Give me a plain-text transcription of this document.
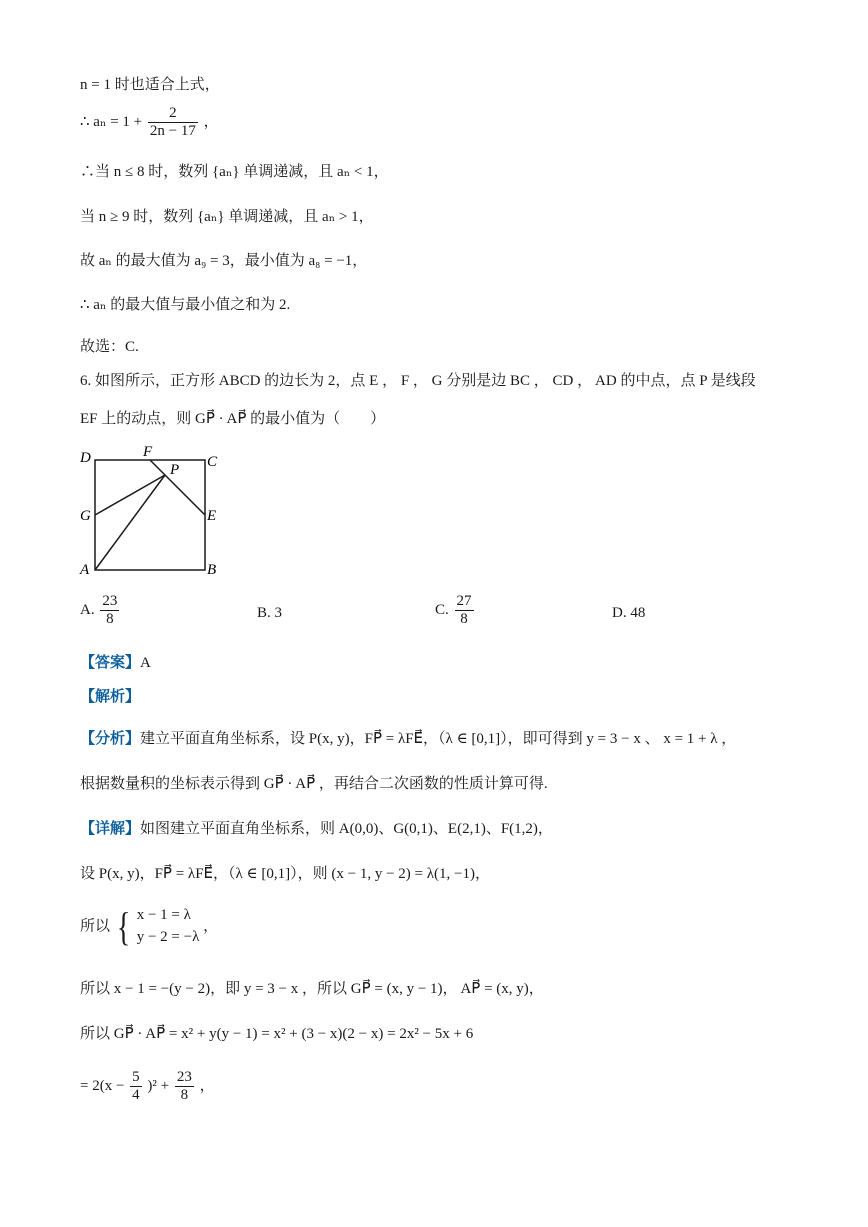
n = 1 时也适合上式，
∴ $a_n = 1 + \frac{2}{2n - 17}$ ，
∴当 n ≤ 8 时，数列 {aₙ} 单调递减，且 aₙ < 1，
当 n ≥ 9 时，数列 {aₙ} 单调递减，且 aₙ > 1，
故 aₙ 的最大值为 a₉ = 3，最小值为 a₈ = −1，
∴ aₙ 的最大值与最小值之和为 2.
故选：C.
6. 如图所示，正方形 ABCD 的边长为 2，点 E ， F ， G 分别是边 BC ， CD ， AD 的中点，点 P 是线段
EF 上的动点，则 GP⃗ · AP⃗ 的最小值为（　　）
D	F
P C
G	E
A	B
A. $\frac{23}{8}$	B. 3	C. $\frac{27}{8}$	D. 48
【答案】A
【解析】
【分析】建立平面直角坐标系，设 P(x, y)，FP⃗ = λFE⃗，（λ ∈ [0,1]），即可得到 y = 3 − x 、 x = 1 + λ ，
根据数量积的坐标表示得到 GP⃗ · AP⃗ ，再结合二次函数的性质计算可得.
【详解】如图建立平面直角坐标系，则 A(0,0)、G(0,1)、E(2,1)、F(1,2)，
设 P(x, y)，FP⃗ = λFE⃗，（λ ∈ [0,1]），则 (x − 1, y − 2) = λ(1, −1)，
所以 { x − 1 = λ
y − 2 = −λ
，
所以 x − 1 = −(y − 2)，即 y = 3 − x ，所以 GP⃗ = (x, y − 1)， AP⃗ = (x, y)，
所以 GP⃗ · AP⃗ = x² + y(y − 1) = x² + (3 − x)(2 − x) = 2x² − 5x + 6
= $2(x - \frac{5}{4} )^2 + \frac{23}{8}$ ，
